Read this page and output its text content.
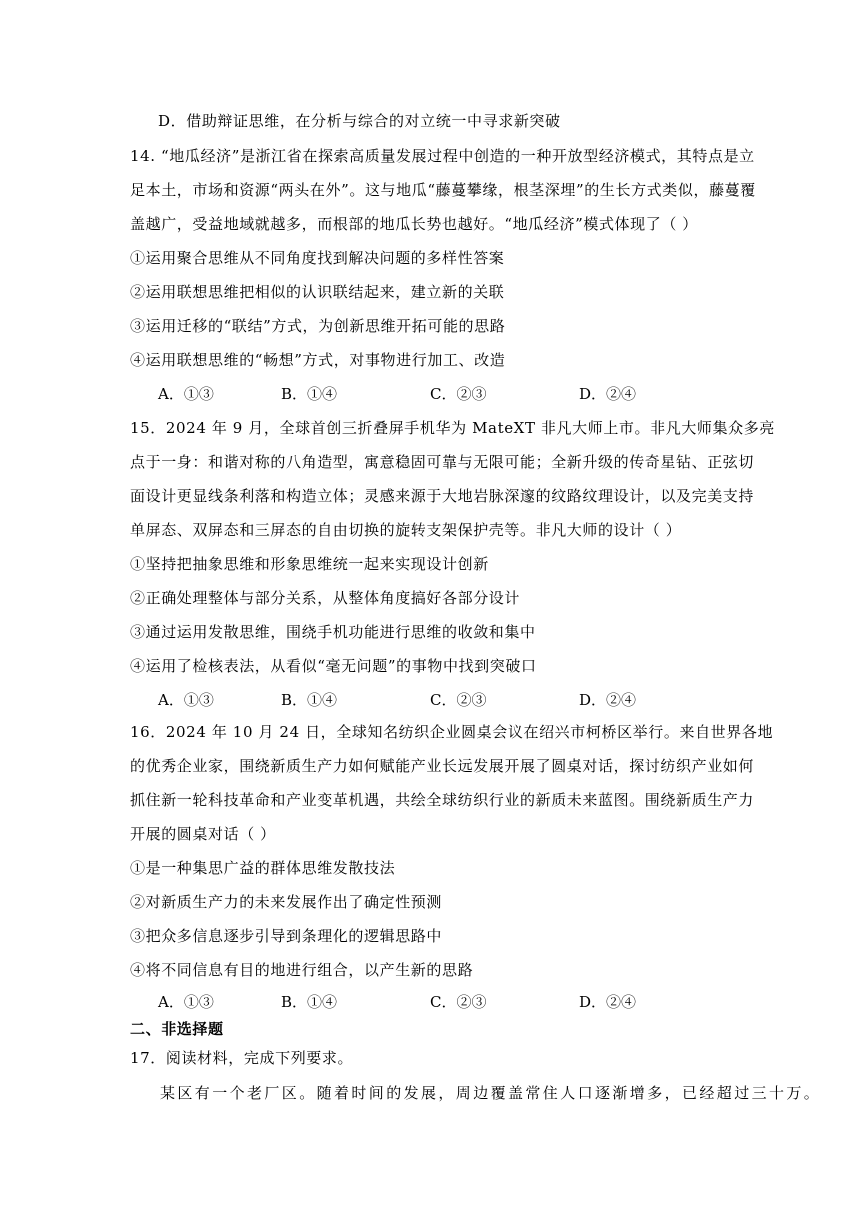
D．借助辩证思维，在分析与综合的对立统一中寻求新突破
14. “地瓜经济”是浙江省在探索高质量发展过程中创造的一种开放型经济模式，其特点是立
足本土，市场和资源“两头在外”。这与地瓜“藤蔓攀缘，根茎深埋”的生长方式类似，藤蔓覆
盖越广，受益地域就越多，而根部的地瓜长势也越好。“地瓜经济”模式体现了（ ）
①运用聚合思维从不同角度找到解决问题的多样性答案
②运用联想思维把相似的认识联结起来，建立新的关联
③运用迁移的“联结”方式，为创新思维开拓可能的思路
④运用联想思维的“畅想”方式，对事物进行加工、改造
A．①③	B．①④	C．②③	D．②④
15．2024 年 9 月，全球首创三折叠屏手机华为 MateXT 非凡大师上市。非凡大师集众多亮
点于一身：和谐对称的八角造型，寓意稳固可靠与无限可能；全新升级的传奇星钻、正弦切
面设计更显线条利落和构造立体；灵感来源于大地岩脉深邃的纹路纹理设计，以及完美支持
单屏态、双屏态和三屏态的自由切换的旋转支架保护壳等。非凡大师的设计（ ）
①坚持把抽象思维和形象思维统一起来实现设计创新
②正确处理整体与部分关系，从整体角度搞好各部分设计
③通过运用发散思维，围绕手机功能进行思维的收敛和集中
④运用了检核表法，从看似“毫无问题”的事物中找到突破口
A．①③	B．①④	C．②③	D．②④
16．2024 年 10 月 24 日，全球知名纺织企业圆桌会议在绍兴市柯桥区举行。来自世界各地
的优秀企业家，围绕新质生产力如何赋能产业长远发展开展了圆桌对话，探讨纺织产业如何
抓住新一轮科技革命和产业变革机遇，共绘全球纺织行业的新质未来蓝图。围绕新质生产力
开展的圆桌对话（ ）
①是一种集思广益的群体思维发散技法
②对新质生产力的未来发展作出了确定性预测
③把众多信息逐步引导到条理化的逻辑思路中
④将不同信息有目的地进行组合，以产生新的思路
A．①③	B．①④	C．②③	D．②④
二、非选择题
17．阅读材料，完成下列要求。
某区有一个老厂区。随着时间的发展，周边覆盖常住人口逐渐增多，已经超过三十万。
